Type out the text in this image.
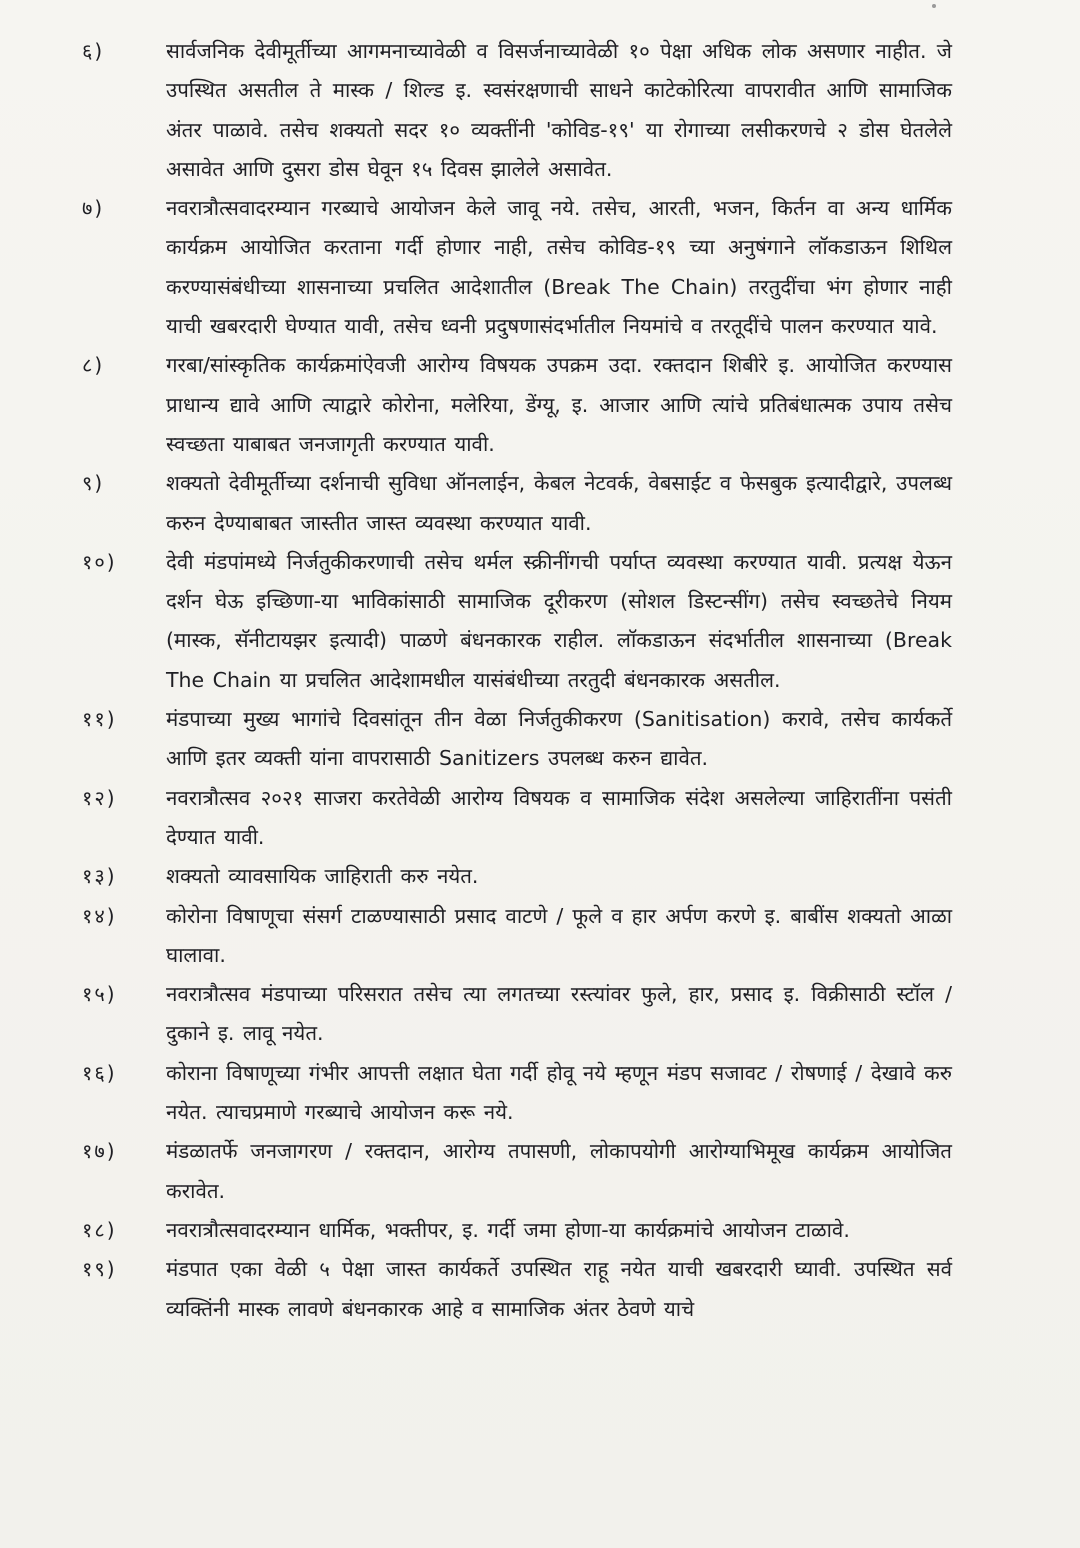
६)	सार्वजनिक देवीमूर्तीच्या आगमनाच्यावेळी व विसर्जनाच्यावेळी १० पेक्षा अधिक लोक असणार नाहीत. जे उपस्थित असतील ते मास्क / शिल्ड इ. स्वसंरक्षणाची साधने काटेकोरित्या वापरावीत आणि सामाजिक अंतर पाळावे. तसेच शक्यतो सदर १० व्यक्तींनी 'कोविड-१९' या रोगाच्या लसीकरणचे २ डोस घेतलेले असावेत आणि दुसरा डोस घेवून १५ दिवस झालेले असावेत.
७)	नवरात्रौत्सवादरम्यान गरब्याचे आयोजन केले जावू नये. तसेच, आरती, भजन, किर्तन वा अन्य धार्मिक कार्यक्रम आयोजित करताना गर्दी होणार नाही, तसेच कोविड-१९ च्या अनुषंगाने लॉकडाऊन शिथिल करण्यासंबंधीच्या शासनाच्या प्रचलित आदेशातील (Break The Chain) तरतुदींचा भंग होणार नाही याची खबरदारी घेण्यात यावी, तसेच ध्वनी प्रदुषणासंदर्भातील नियमांचे व तरतूदींचे पालन करण्यात यावे.
८)	गरबा/सांस्कृतिक कार्यक्रमांऐवजी आरोग्य विषयक उपक्रम उदा. रक्तदान शिबीरे इ. आयोजित करण्यास प्राधान्य द्यावे आणि त्याद्वारे कोरोना, मलेरिया, डेंग्यू, इ. आजार आणि त्यांचे प्रतिबंधात्मक उपाय तसेच स्वच्छता याबाबत जनजागृती करण्यात यावी.
९)	शक्यतो देवीमूर्तीच्या दर्शनाची सुविधा ऑनलाईन, केबल नेटवर्क, वेबसाईट व फेसबुक इत्यादीद्वारे, उपलब्ध करुन देण्याबाबत जास्तीत जास्त व्यवस्था करण्यात यावी.
१०)	देवी मंडपांमध्ये निर्जतुकीकरणाची तसेच थर्मल स्क्रीनींगची पर्याप्त व्यवस्था करण्यात यावी. प्रत्यक्ष येऊन दर्शन घेऊ इच्छिणा-या भाविकांसाठी सामाजिक दूरीकरण (सोशल डिस्टन्सींग) तसेच स्वच्छतेचे नियम (मास्क, सॅनीटायझर इत्यादी) पाळणे बंधनकारक राहील. लॉकडाऊन संदर्भातील शासनाच्या (Break The Chain या प्रचलित आदेशामधील यासंबंधीच्या तरतुदी बंधनकारक असतील.
११)	मंडपाच्या मुख्य भागांचे दिवसांतून तीन वेळा निर्जतुकीकरण (Sanitisation) करावे, तसेच कार्यकर्ते आणि इतर व्यक्ती यांना वापरासाठी Sanitizers उपलब्ध करुन द्यावेत.
१२)	नवरात्रौत्सव २०२१ साजरा करतेवेळी आरोग्य विषयक व सामाजिक संदेश असलेल्या जाहिरातींना पसंती देण्यात यावी.
१३)	शक्यतो व्यावसायिक जाहिराती करु नयेत.
१४)	कोरोना विषाणूचा संसर्ग टाळण्यासाठी प्रसाद वाटणे / फूले व हार अर्पण करणे इ. बाबींस शक्यतो आळा घालावा.
१५)	नवरात्रौत्सव मंडपाच्या परिसरात तसेच त्या लगतच्या रस्त्यांवर फुले, हार, प्रसाद इ. विक्रीसाठी स्टॉल / दुकाने इ. लावू नयेत.
१६)	कोराना विषाणूच्या गंभीर आपत्ती लक्षात घेता गर्दी होवू नये म्हणून मंडप सजावट / रोषणाई / देखावे करु नयेत. त्याचप्रमाणे गरब्याचे आयोजन करू नये.
१७)	मंडळातर्फे जनजागरण / रक्तदान, आरोग्य तपासणी, लोकापयोगी आरोग्याभिमूख कार्यक्रम आयोजित करावेत.
१८)	नवरात्रौत्सवादरम्यान धार्मिक, भक्तीपर, इ. गर्दी जमा होणा-या कार्यक्रमांचे आयोजन टाळावे.
१९)	मंडपात एका वेळी ५ पेक्षा जास्त कार्यकर्ते उपस्थित राहू नयेत याची खबरदारी घ्यावी. उपस्थित सर्व व्यक्तिंनी मास्क लावणे बंधनकारक आहे व सामाजिक अंतर ठेवणे याचे
